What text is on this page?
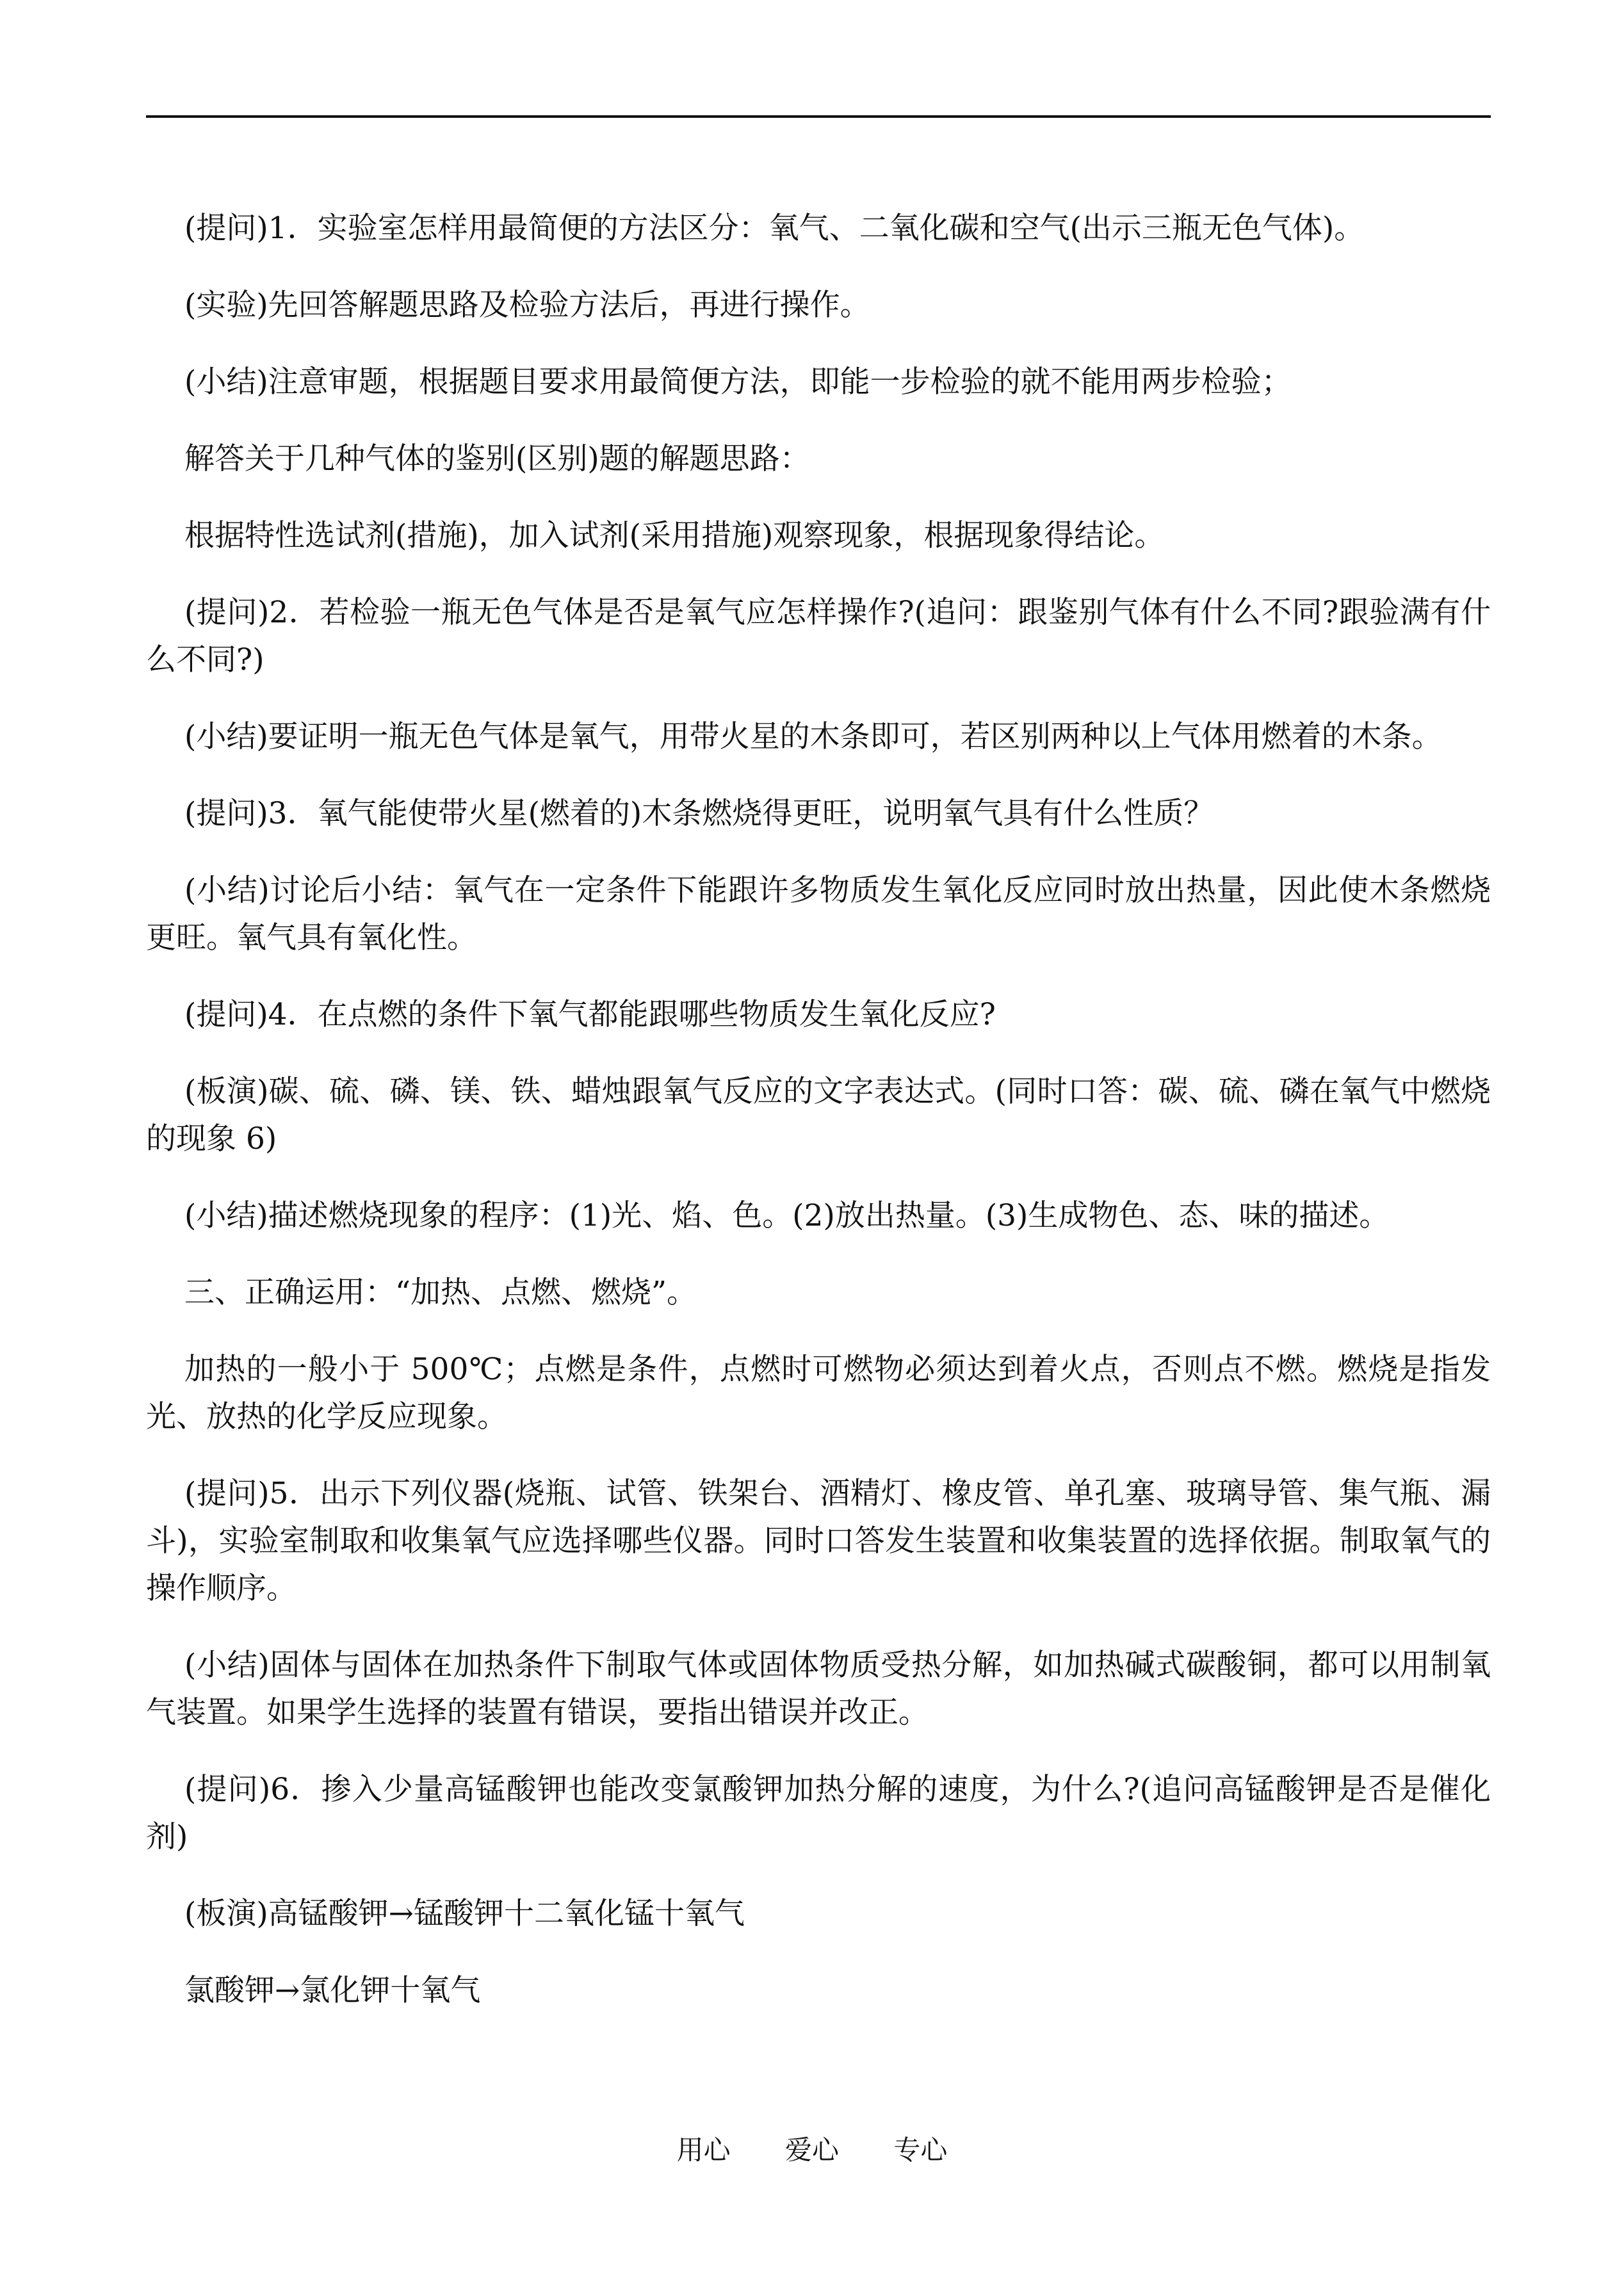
(提问)1．实验室怎样用最简便的方法区分：氧气、二氧化碳和空气(出示三瓶无色气体)。

(实验)先回答解题思路及检验方法后，再进行操作。

(小结)注意审题，根据题目要求用最简便方法，即能一步检验的就不能用两步检验；

解答关于几种气体的鉴别(区别)题的解题思路：

根据特性选试剂(措施)，加入试剂(采用措施)观察现象，根据现象得结论。

(提问)2．若检验一瓶无色气体是否是氧气应怎样操作?(追问：跟鉴别气体有什么不同?跟验满有什么不同?)

(小结)要证明一瓶无色气体是氧气，用带火星的木条即可，若区别两种以上气体用燃着的木条。

(提问)3．氧气能使带火星(燃着的)木条燃烧得更旺，说明氧气具有什么性质？

(小结)讨论后小结：氧气在一定条件下能跟许多物质发生氧化反应同时放出热量，因此使木条燃烧更旺。氧气具有氧化性。

(提问)4．在点燃的条件下氧气都能跟哪些物质发生氧化反应?

(板演)碳、硫、磷、镁、铁、蜡烛跟氧气反应的文字表达式。(同时口答：碳、硫、磷在氧气中燃烧的现象 6)

(小结)描述燃烧现象的程序：(1)光、焰、色。(2)放出热量。(3)生成物色、态、味的描述。

三、正确运用：“加热、点燃、燃烧”。

加热的一般小于 500℃；点燃是条件，点燃时可燃物必须达到着火点，否则点不燃。燃烧是指发光、放热的化学反应现象。

(提问)5．出示下列仪器(烧瓶、试管、铁架台、酒精灯、橡皮管、单孔塞、玻璃导管、集气瓶、漏斗)，实验室制取和收集氧气应选择哪些仪器。同时口答发生装置和收集装置的选择依据。制取氧气的操作顺序。

(小结)固体与固体在加热条件下制取气体或固体物质受热分解，如加热碱式碳酸铜，都可以用制氧气装置。如果学生选择的装置有错误，要指出错误并改正。

(提问)6．掺入少量高锰酸钾也能改变氯酸钾加热分解的速度，为什么?(追问高锰酸钾是否是催化剂)

(板演)高锰酸钾→锰酸钾十二氧化锰十氧气

氯酸钾→氯化钾十氧气

用心 爱心 专心
